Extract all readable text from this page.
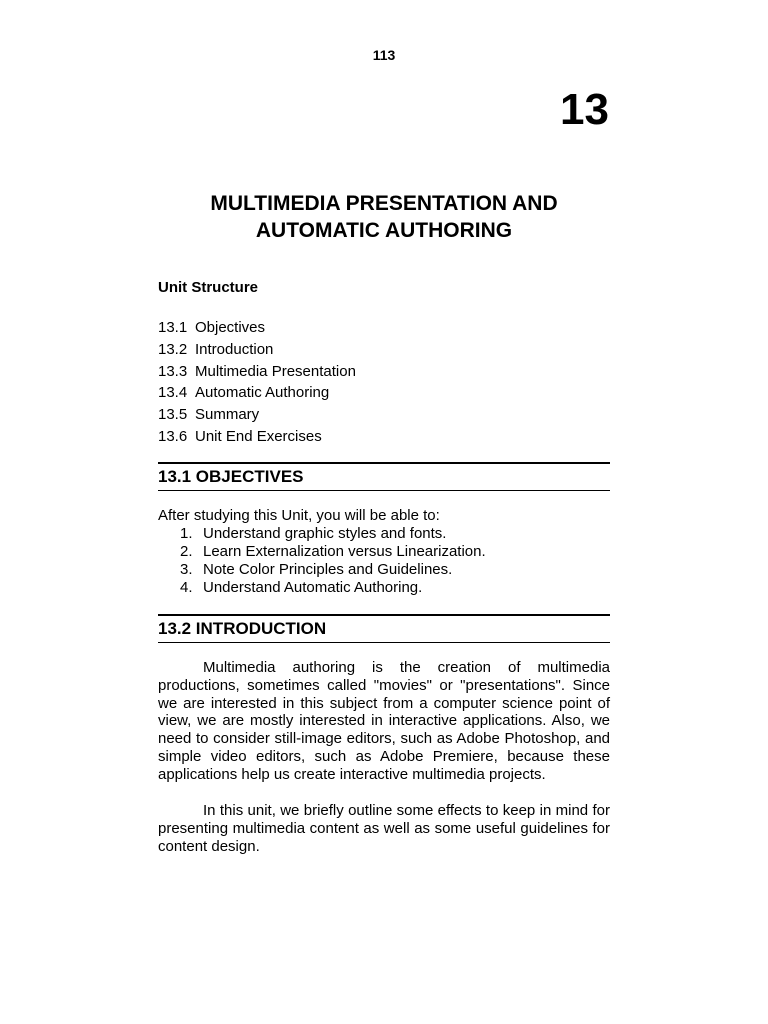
113
13
MULTIMEDIA PRESENTATION AND
AUTOMATIC AUTHORING
Unit Structure
13.1 Objectives
13.2 Introduction
13.3 Multimedia Presentation
13.4 Automatic Authoring
13.5 Summary
13.6 Unit End Exercises
13.1 OBJECTIVES
After studying this Unit, you will be able to:
1. Understand graphic styles and fonts.
2. Learn Externalization versus Linearization.
3. Note Color Principles and Guidelines.
4. Understand Automatic Authoring.
13.2 INTRODUCTION

Multimedia authoring is the creation of multimedia productions, sometimes called "movies" or "presentations". Since we are interested in this subject from a computer science point of view, we are mostly interested in interactive applications. Also, we need to consider still-image editors, such as Adobe Photoshop, and simple video editors, such as Adobe Premiere, because these applications help us create interactive multimedia projects.

In this unit, we briefly outline some effects to keep in mind for presenting multimedia content as well as some useful guidelines for content design.
